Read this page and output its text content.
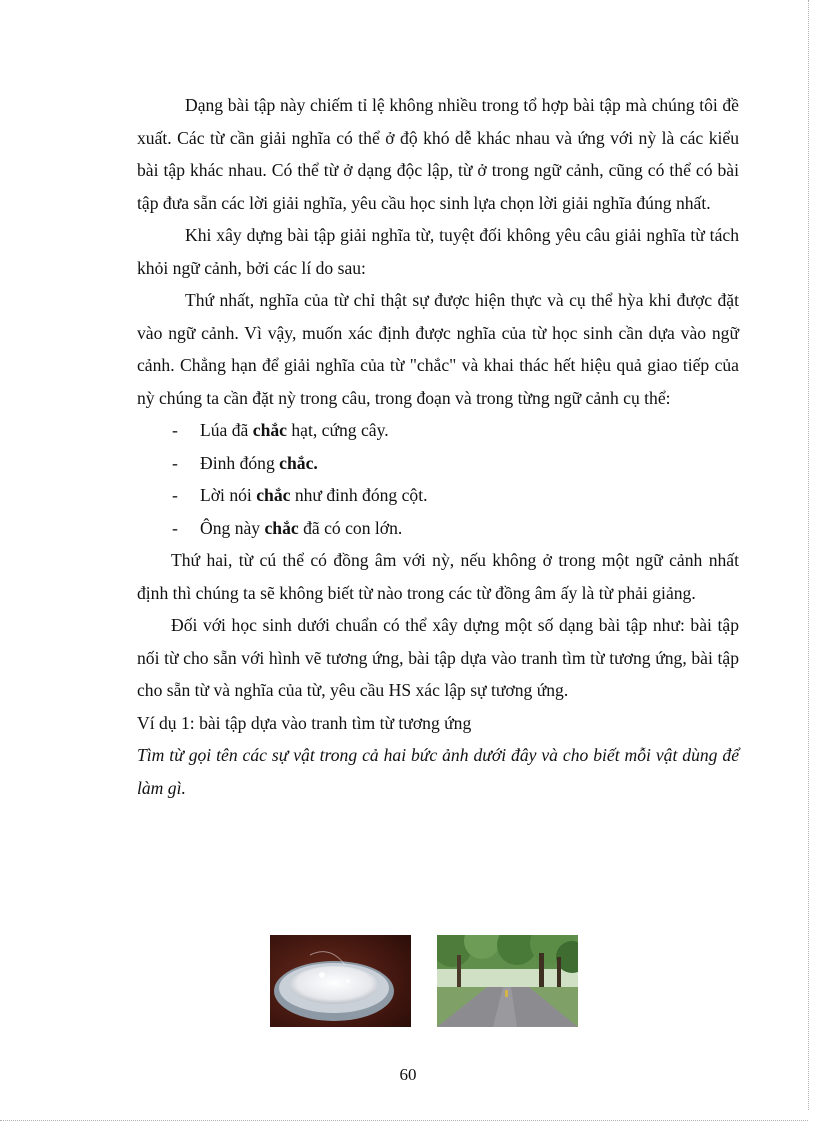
Dạng bài tập này chiếm tỉ lệ không nhiều trong tổ hợp bài tập mà chúng tôi đề xuất. Các từ cần giải nghĩa có thể ở độ khó dễ khác nhau và ứng với nỳ là các kiểu bài tập khác nhau. Có thể từ ở dạng độc lập, từ ở trong ngữ cảnh, cũng có thể có bài tập đưa sẵn các lời giải nghĩa, yêu cầu học sinh lựa chọn lời giải nghĩa đúng nhất.

Khi xây dựng bài tập giải nghĩa từ, tuyệt đối không yêu câu giải nghĩa từ tách khỏi ngữ cảnh, bởi các lí do sau:

Thứ nhất, nghĩa của từ chỉ thật sự được hiện thực và cụ thể hỳa khi được đặt vào ngữ cảnh. Vì vậy, muốn xác định được nghĩa của từ học sinh cần dựa vào ngữ cảnh. Chẳng hạn để giải nghĩa của từ "chắc" và khai thác hết hiệu quả giao tiếp của nỳ chúng ta cần đặt nỳ trong câu, trong đoạn và trong từng ngữ cảnh cụ thể:

- Lúa đã chắc hạt, cứng cây.

- Đinh đóng chắc.

- Lời nói chắc như đinh đóng cột.

- Ông này chắc đã có con lớn.

Thứ hai, từ cú thể có đồng âm với nỳ, nếu không ở trong một ngữ cảnh nhất định thì chúng ta sẽ không biết từ nào trong các từ đồng âm ấy là từ phải giảng.

Đối với học sinh dưới chuẩn có thể xây dựng một số dạng bài tập như: bài tập nối từ cho sẵn với hình vẽ tương ứng, bài tập dựa vào tranh tìm từ tương ứng, bài tập cho sẵn từ và nghĩa của từ, yêu cầu HS xác lập sự tương ứng.

Ví dụ 1: bài tập dựa vào tranh tìm từ tương ứng

Tìm từ gọi tên các sự vật trong cả hai bức ảnh dưới đây và cho biết mỗi vật dùng để làm gì.

60
